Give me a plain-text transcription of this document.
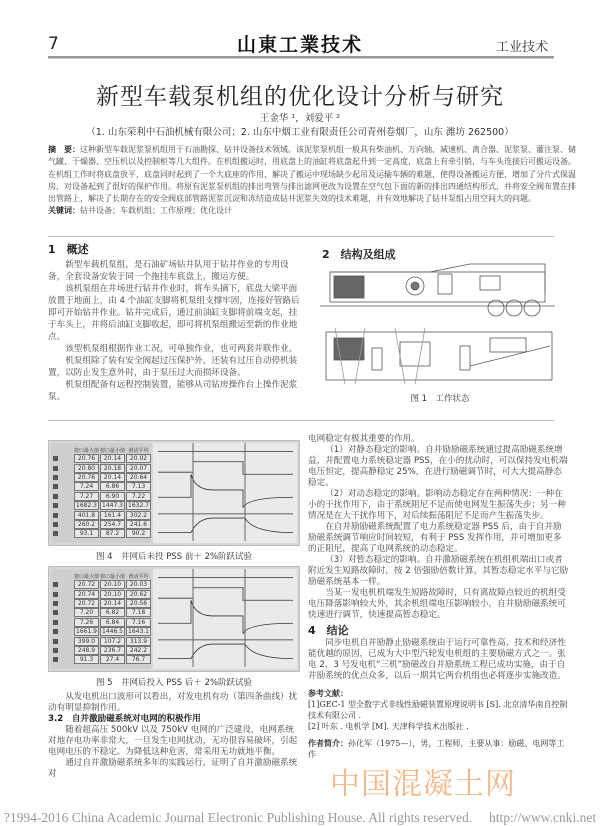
7	山東工業技术	工业技术
新型车载泵机组的优化设计分析与研究
王金华 ¹，刘爱平 ²
（1. 山东荣利中石油机械有限公司；2. 山东中烟工业有限责任公司青州卷烟厂，山东 潍坊 262500）
摘　要：这种新型车载泥浆泵机组用于石油勘探、钻井设备技术领域。该泥浆泵机组一般具有柴油机、万向轴、减速机、离合器、泥浆泵、灌注泵、储气罐、干燥器、空压机以及控制柜等几大组件。在机组搬运时，用底盘上的油缸将底盘起升到一定高度，底盘上有牵引销，与车头连接后可搬运设备。在机组工作时将底盘放平，底盘同时起到了一个大底座的作用，解决了搬运中现场缺少起吊及运输车辆的难题，使得设备搬运方便，增加了分片式保温房，对设备起到了很好的保护作用。将原有泥浆泵机组的排出弯管与排出滤网更改为设置在空气包下面的新的排出四通结构形式，并将安全阀布置在排出管路上，解决了长期存在的安全阀底部管路泥浆沉淀和冻结造成钻井泥浆失效的技术难题，并有效地解决了钻井泵组占用空间大的问题。
关键词：钻井设备；车载机组；工作原理；优化设计
1　概述

新型车载机泵组，是石油矿场钻井队用于钻井作业的专用设备，全套设备安装于同一个拖挂车底盘上，搬运方便。

该机泵组在井场进行钻井作业时，将车头摘下，底盘大梁平面放置于地面上，由 4 个油缸支脚将机泵组支撑牢固，连接好管路后即可开始钻井作业。钻井完成后，通过前油缸支脚将前端支起，挂于车头上，并将后油缸支脚收起，即可将机泵组搬运至新的作业地点。

该型机泵组根据作业工况，可单独作业，也可两套并联作业。

机泵组除了装有安全阀起过压保护外，还装有过压自动停机装置，以防止发生意外时，由于泵压过大而损坏设备。

机泵组配备有远程控制装置，能够从司钻房操作台上操作泥浆泵。

2　结构及组成
图 1　工作状态
窗口最大值 窗口最小值 滑动平均
20.76	20.14	20.02
20.80	20.18	20.07
20.76	20.14	20.64
7.24	6.86	7.13
7.27	6.90	7.22
1682.3 1447.3 1632.7
401.8	161.4	302.2
260.2	254.7	241.6
93.1	87.2	90.2
图 4　井网后未投 PSS 前＋ 2%阶跃试验
窗口最大值 窗口最小值 滑动平均
20.72	20.10	20.03
20.74	20.10	20.62
20.72	20.14	20.56
7.20	6.82	7.18
7.26	6.84	7.16
1661.9 1446.5 1643.1
399.0	107.2	313.9
248.9	236.7	242.2
91.3	27.4	76.7
图 5　井网后投入 PSS 后＋ 2%阶跃试验

从发电机出口波形可以看出，对发电机有功（第四条曲线）扰动有明显抑制作用。

3.2　自并激励磁系统对电网的积极作用

随着超高压 500kV 以及 750kV 电网的广泛建设，电网系统对地存电功率非常大，一旦发生电网扰动，无功很容易破坏，引起电网电压的不稳定。为降低这种危害，常采用无功就地平衡。

通过自并激励磁系统多年的实践运行，证明了自并激励磁系统对

电网稳定有极其重要的作用。

（1）对静态稳定的影响。自并励励磁系统通过提高励磁系统增益，并配置电力系统稳定器 PSS，在小的扰动时，可以保持发电机端电压恒定，提高静稳定 25%，在进行励磁调节时，可大大提高静态稳定。

（2）对动态稳定的影响。影响动态稳定存在两种情况：一种在小的干扰作用下，由于系统阻尼不足而使电网发生振荡失步；另一种情况是在大干扰作用下，对后续振荡阻尼不足而产生振荡失步。

在自并励励磁系统配置了电力系统稳定器 PSS 后，由于自并励励磁系统调节响应时间较短，有利于 PSS 发挥作用，并可增加更多的正阻尼，提高了电网系统的动态稳定。

（3）对暂态稳定的影响。自并激励磁系统在机组机端出口或者附近发生短路故障时，按 2 倍强励倍数计算，其暂态稳定水平与它励励磁系统基本一样。

当某一发电机机端发生短路故障时，只有离故障点较近的机组受电压降落影响较大外，其余机组端电压影响较小，自并励励磁系统可快速进行调节，快速提高暂态稳定。

4　结论

同步电机自并励静止励磁系统由于运行可靠性高、技术和经济性能优越的原因，已成为大中型汽轮发电机组的主要励磁方式之一。张电 2、3 号发电机“三机”励磁改自并励系统工程已成功实施，由于自并励系统的优点众多，以后一期其它两台机组也必将逐步实施改造。

参考文献：
[1]GEC-1 型全数字式非线性励磁装置原理说明书 [S]. 北京清华南自控制技术有限公司 .
[2] 叶东 . 电机学 [M]. 天津科学技术出版社 .
作者简介：孙化军（1975—），男，工程师，主要从事：励磁、电网等工作
中国混凝土网
?1994-2016 China Academic Journal Electronic Publishing House. All rights reserved.　 http://www.cnki.net
